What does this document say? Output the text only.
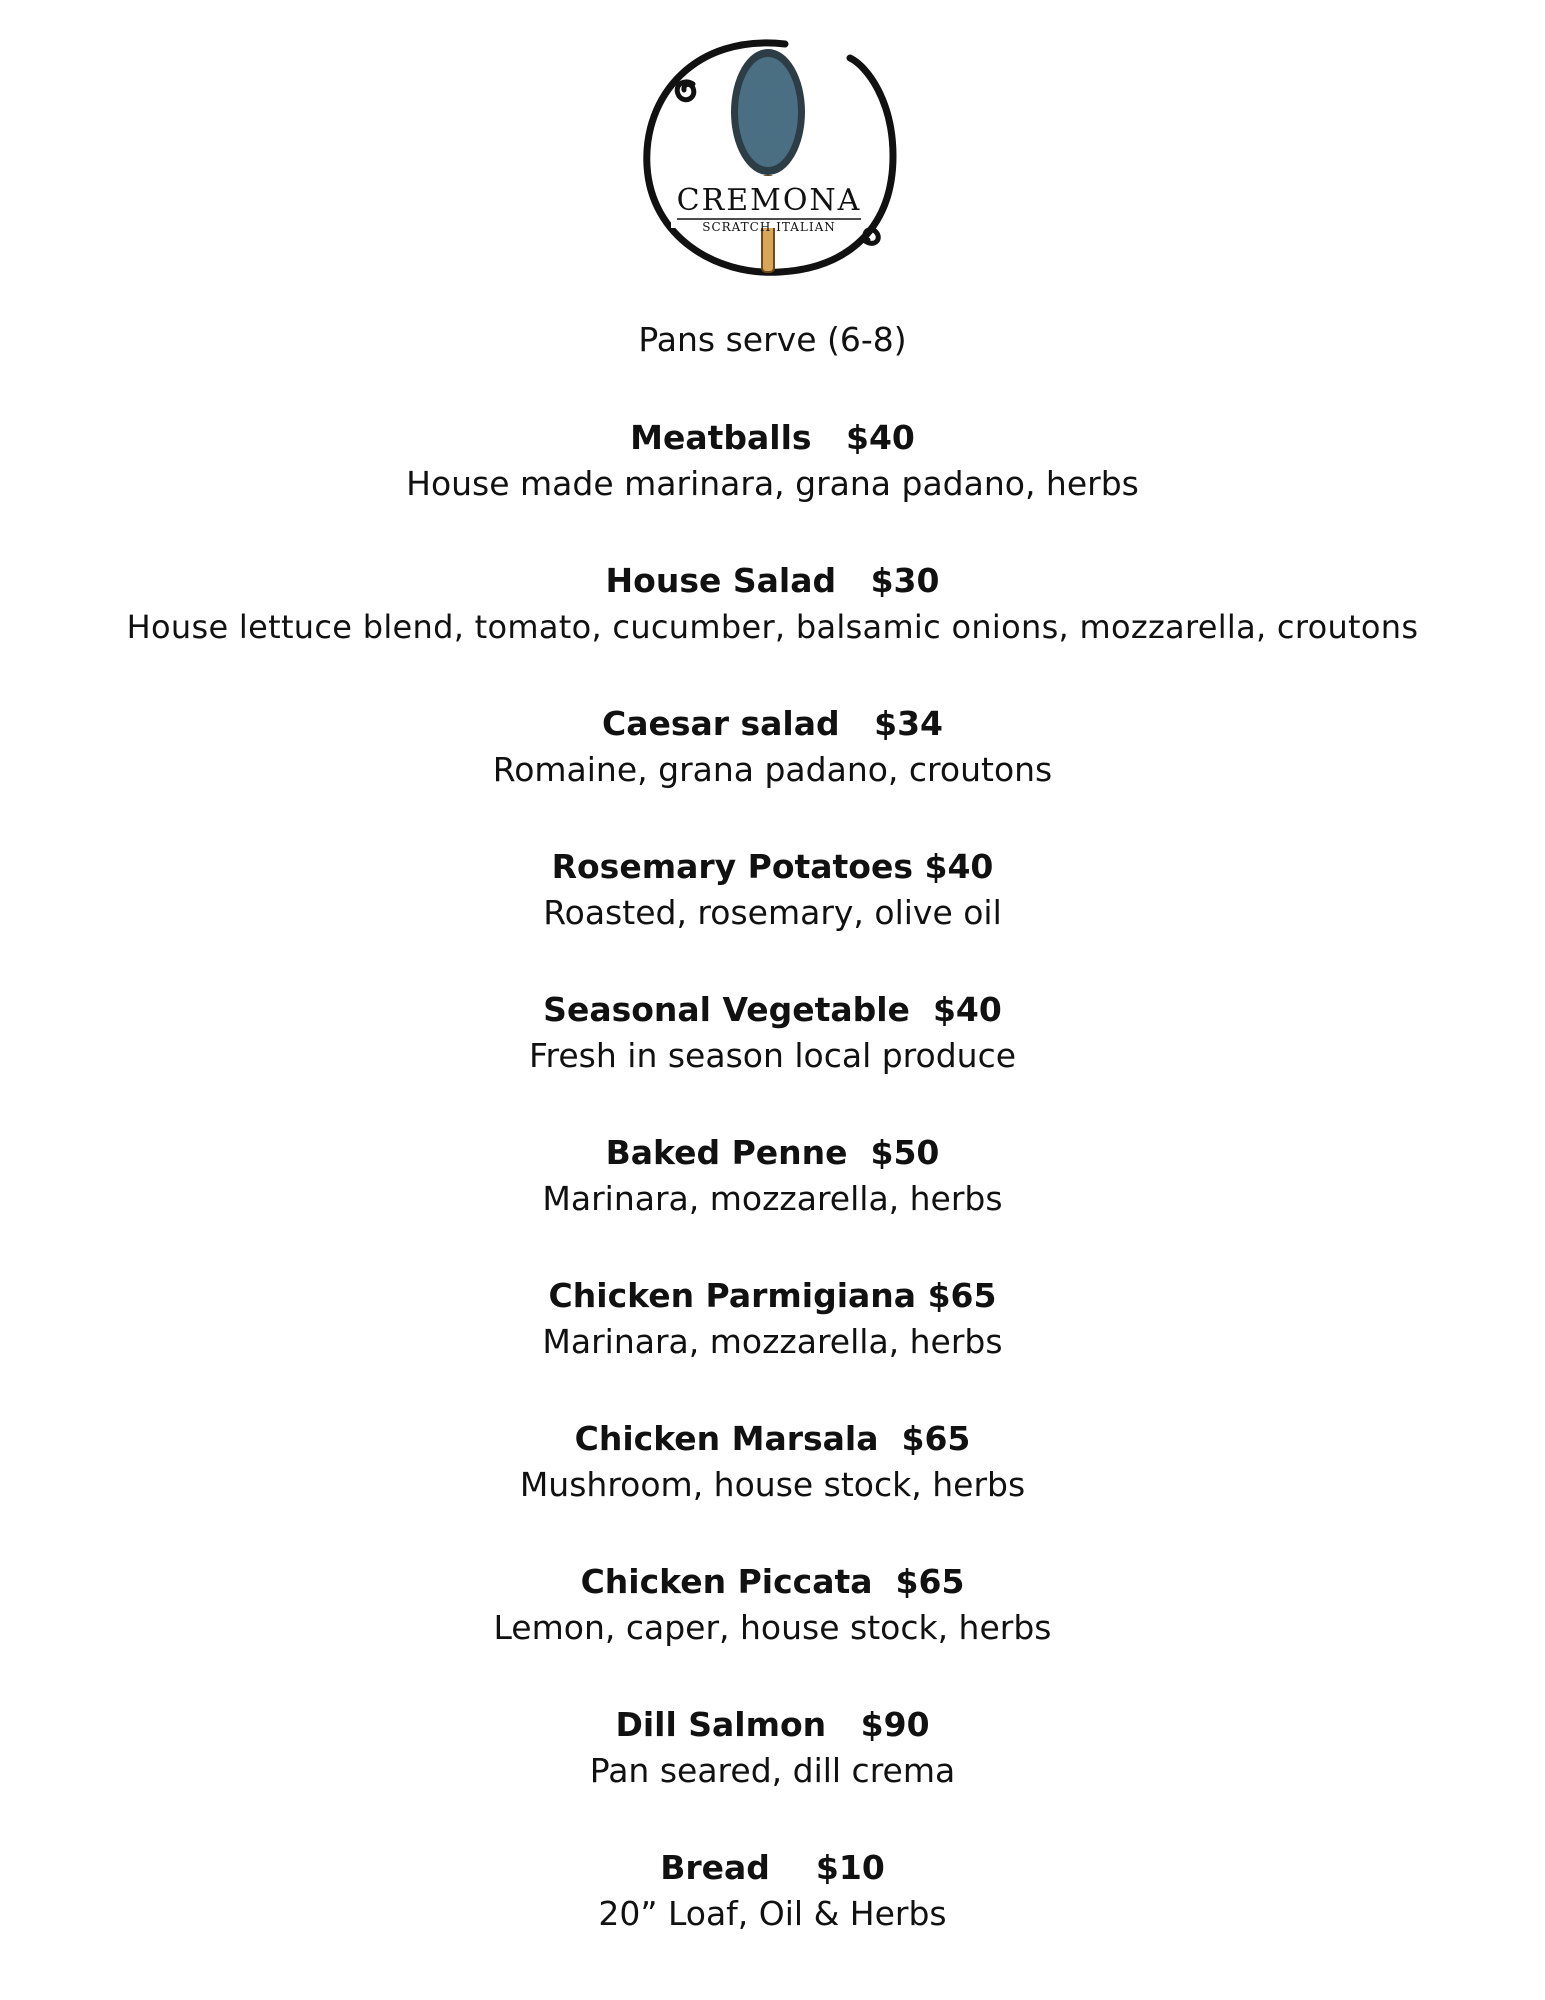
CREMONA
SCRATCH ITALIAN
Pans serve (6-8)
Meatballs $40
House made marinara, grana padano, herbs
House Salad $30
House lettuce blend, tomato, cucumber, balsamic onions, mozzarella, croutons
Caesar salad $34
Romaine, grana padano, croutons
Rosemary Potatoes $40
Roasted, rosemary, olive oil
Seasonal Vegetable $40
Fresh in season local produce
Baked Penne $50
Marinara, mozzarella, herbs
Chicken Parmigiana $65
Marinara, mozzarella, herbs
Chicken Marsala $65
Mushroom, house stock, herbs
Chicken Piccata $65
Lemon, caper, house stock, herbs
Dill Salmon $90
Pan seared, dill crema
Bread $10
20” Loaf, Oil & Herbs
